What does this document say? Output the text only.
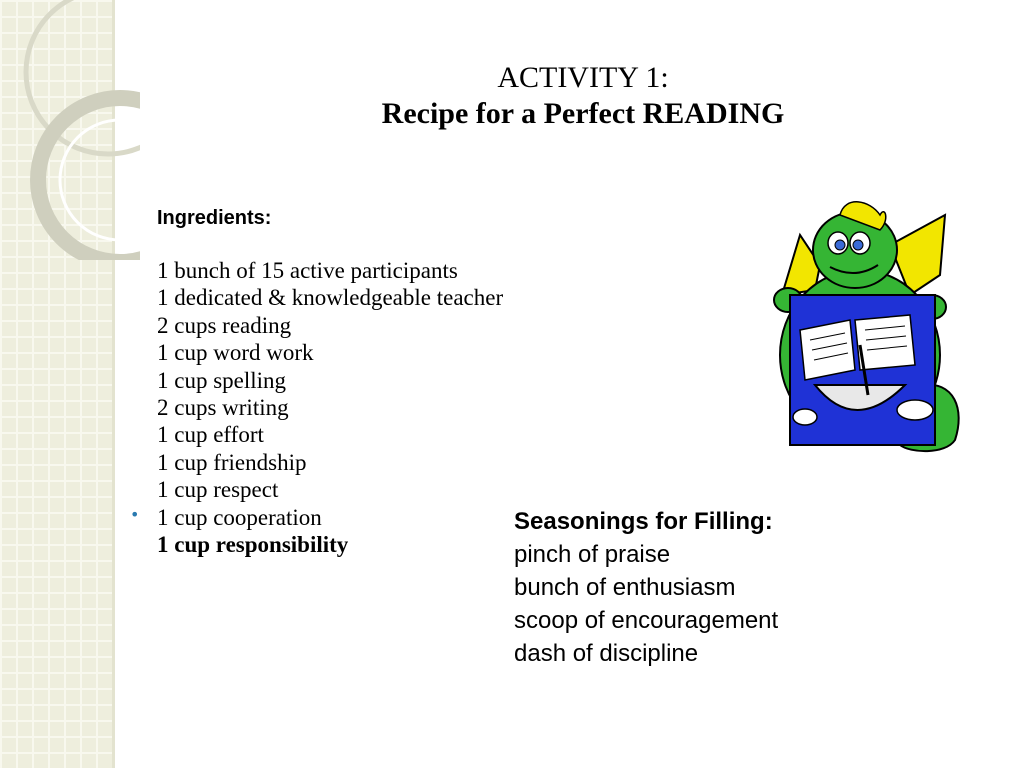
ACTIVITY 1:
Recipe for a Perfect READING
Ingredients:
1 bunch of 15 active participants
1 dedicated & knowledgeable teacher
2 cups reading
1 cup word work
1 cup spelling
2 cups writing
1 cup effort
1 cup friendship
1 cup respect
1 cup cooperation
1 cup responsibility
•	Seasonings for Filling:
pinch of praise
bunch of enthusiasm
scoop of encouragement
dash of discipline
